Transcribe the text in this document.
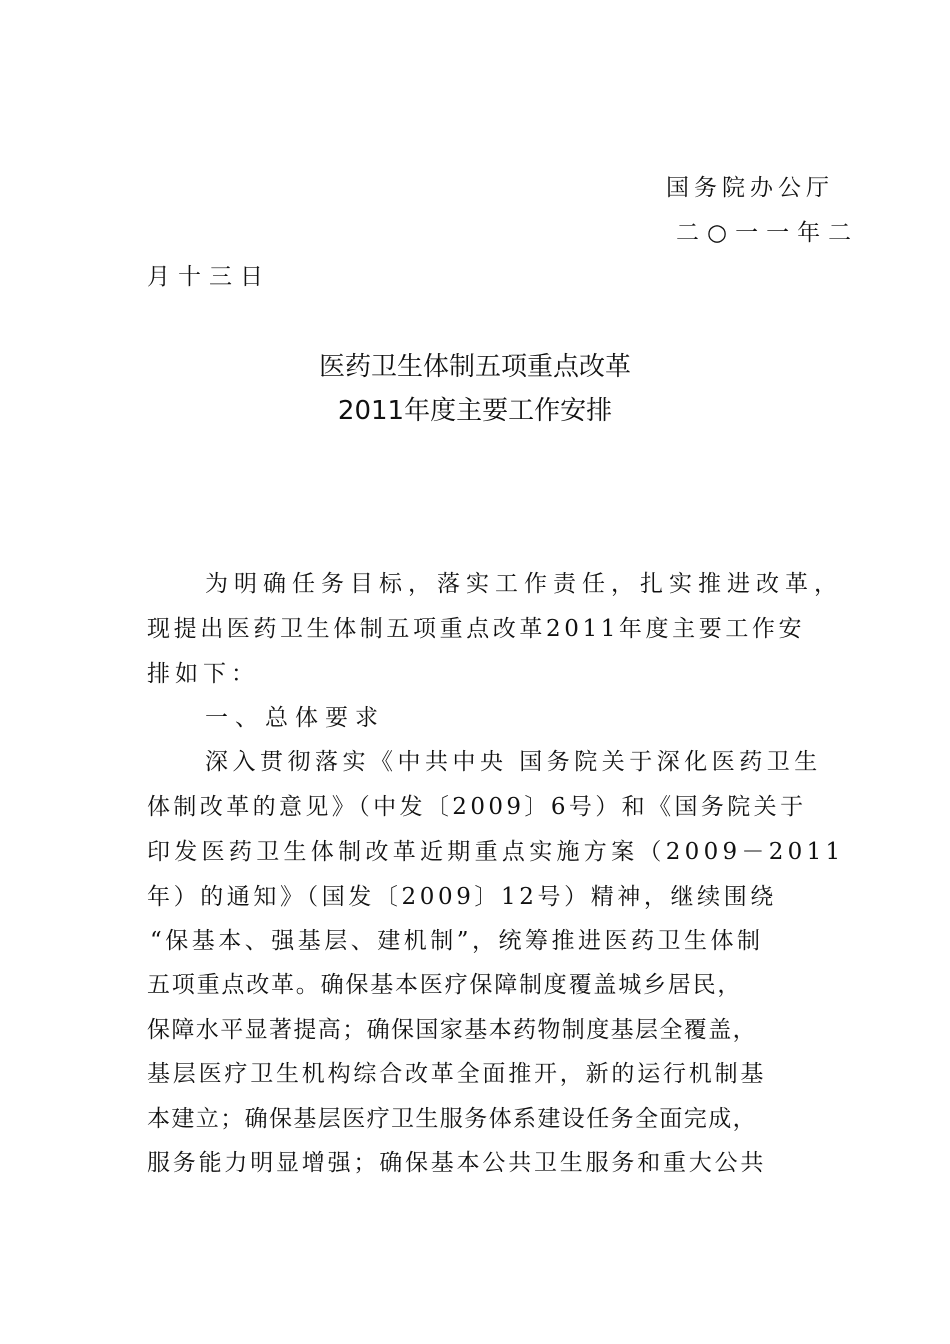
国务院办公厅
二○一一年二
月十三日
医药卫生体制五项重点改革
2011年度主要工作安排
为明确任务目标，落实工作责任，扎实推进改革，
现提出医药卫生体制五项重点改革2011年度主要工作安
排如下：
一、总体要求
深入贯彻落实《中共中央 国务院关于深化医药卫生
体制改革的意见》（中发〔2009〕6号）和《国务院关于
印发医药卫生体制改革近期重点实施方案（2009－2011
年）的通知》（国发〔2009〕12号）精神，继续围绕
“保基本、强基层、建机制”，统筹推进医药卫生体制
五项重点改革。确保基本医疗保障制度覆盖城乡居民，
保障水平显著提高；确保国家基本药物制度基层全覆盖，
基层医疗卫生机构综合改革全面推开，新的运行机制基
本建立；确保基层医疗卫生服务体系建设任务全面完成，
服务能力明显增强；确保基本公共卫生服务和重大公共
